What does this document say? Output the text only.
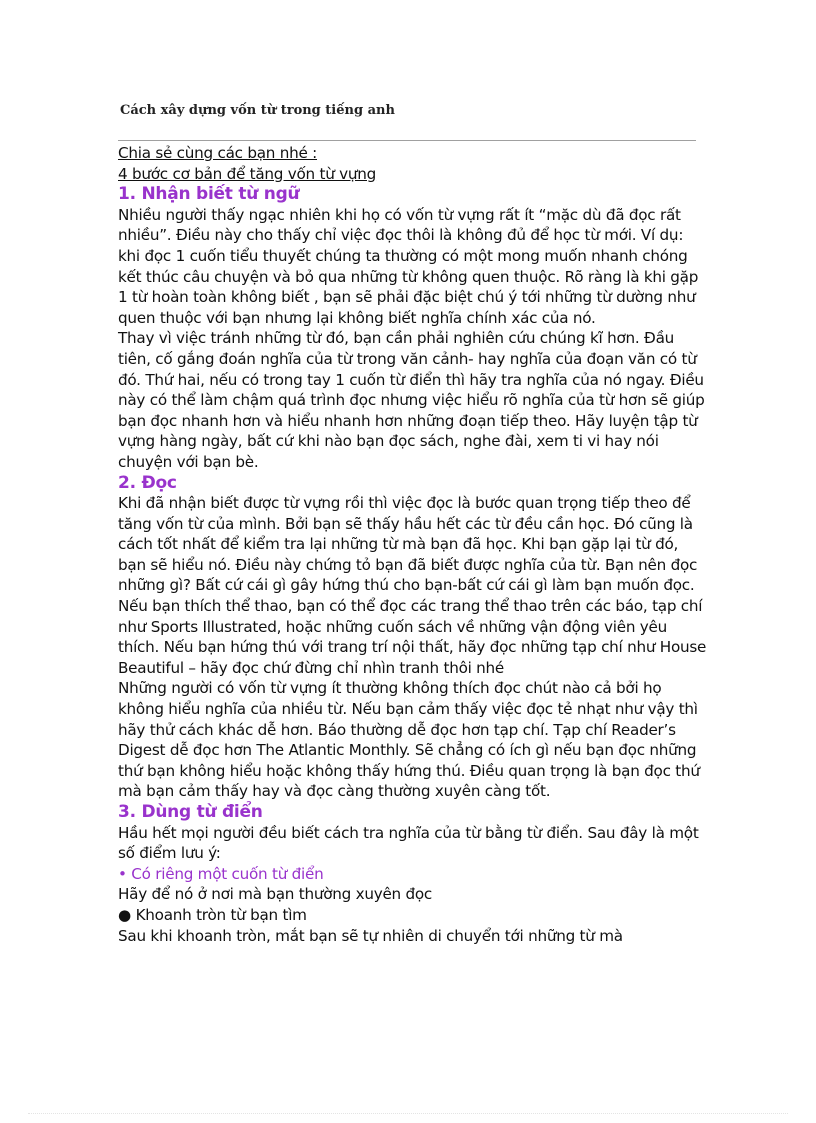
Cách xây dựng vốn từ trong tiếng anh

Chia sẻ cùng các bạn nhé :

4 bước cơ bản để tăng vốn từ vựng

1. Nhận biết từ ngữ

Nhiều người thấy ngạc nhiên khi họ có vốn từ vựng rất ít “mặc dù đã đọc rất nhiều”. Điều này cho thấy chỉ việc đọc thôi là không đủ để học từ mới. Ví dụ: khi đọc 1 cuốn tiểu thuyết chúng ta thường có một mong muốn nhanh chóng kết thúc câu chuyện và bỏ qua những từ không quen thuộc. Rõ ràng là khi gặp 1 từ hoàn toàn không biết , bạn sẽ phải đặc biệt chú ý tới những từ dường như quen thuộc với bạn nhưng lại không biết nghĩa chính xác của nó.

Thay vì việc tránh những từ đó, bạn cần phải nghiên cứu chúng kĩ hơn. Đầu tiên, cố gắng đoán nghĩa của từ trong văn cảnh- hay nghĩa của đoạn văn có từ đó. Thứ hai, nếu có trong tay 1 cuốn từ điển thì hãy tra nghĩa của nó ngay. Điều này có thể làm chậm quá trình đọc nhưng việc hiểu rõ nghĩa của từ hơn sẽ giúp bạn đọc nhanh hơn và hiểu nhanh hơn những đoạn tiếp theo. Hãy luyện tập từ vựng hàng ngày, bất cứ khi nào bạn đọc sách, nghe đài, xem ti vi hay nói chuyện với bạn bè.

2. Đọc

Khi đã nhận biết được từ vựng rồi thì việc đọc là bước quan trọng tiếp theo để tăng vốn từ của mình. Bởi bạn sẽ thấy hầu hết các từ đều cần học. Đó cũng là cách tốt nhất để kiểm tra lại những từ mà bạn đã học. Khi bạn gặp lại từ đó, bạn sẽ hiểu nó. Điều này chứng tỏ bạn đã biết được nghĩa của từ. Bạn nên đọc những gì? Bất cứ cái gì gây hứng thú cho bạn-bất cứ cái gì làm bạn muốn đọc. Nếu bạn thích thể thao, bạn có thể đọc các trang thể thao trên các báo, tạp chí như Sports Illustrated, hoặc những cuốn sách về những vận động viên yêu thích. Nếu bạn hứng thú với trang trí nội thất, hãy đọc những tạp chí như House Beautiful – hãy đọc chứ đừng chỉ nhìn tranh thôi nhé

Những người có vốn từ vựng ít thường không thích đọc chút nào cả bởi họ không hiểu nghĩa của nhiều từ. Nếu bạn cảm thấy việc đọc tẻ nhạt như vậy thì hãy thử cách khác dễ hơn. Báo thường dễ đọc hơn tạp chí. Tạp chí Reader’s Digest dễ đọc hơn The Atlantic Monthly. Sẽ chẳng có ích gì nếu bạn đọc những thứ bạn không hiểu hoặc không thấy hứng thú. Điều quan trọng là bạn đọc thứ mà bạn cảm thấy hay và đọc càng thường xuyên càng tốt.

3. Dùng từ điển

Hầu hết mọi người đều biết cách tra nghĩa của từ bằng từ điển. Sau đây là một số điểm lưu ý:

• Có riêng một cuốn từ điển

Hãy để nó ở nơi mà bạn thường xuyên đọc

● Khoanh tròn từ bạn tìm

Sau khi khoanh tròn, mắt bạn sẽ tự nhiên di chuyển tới những từ mà
